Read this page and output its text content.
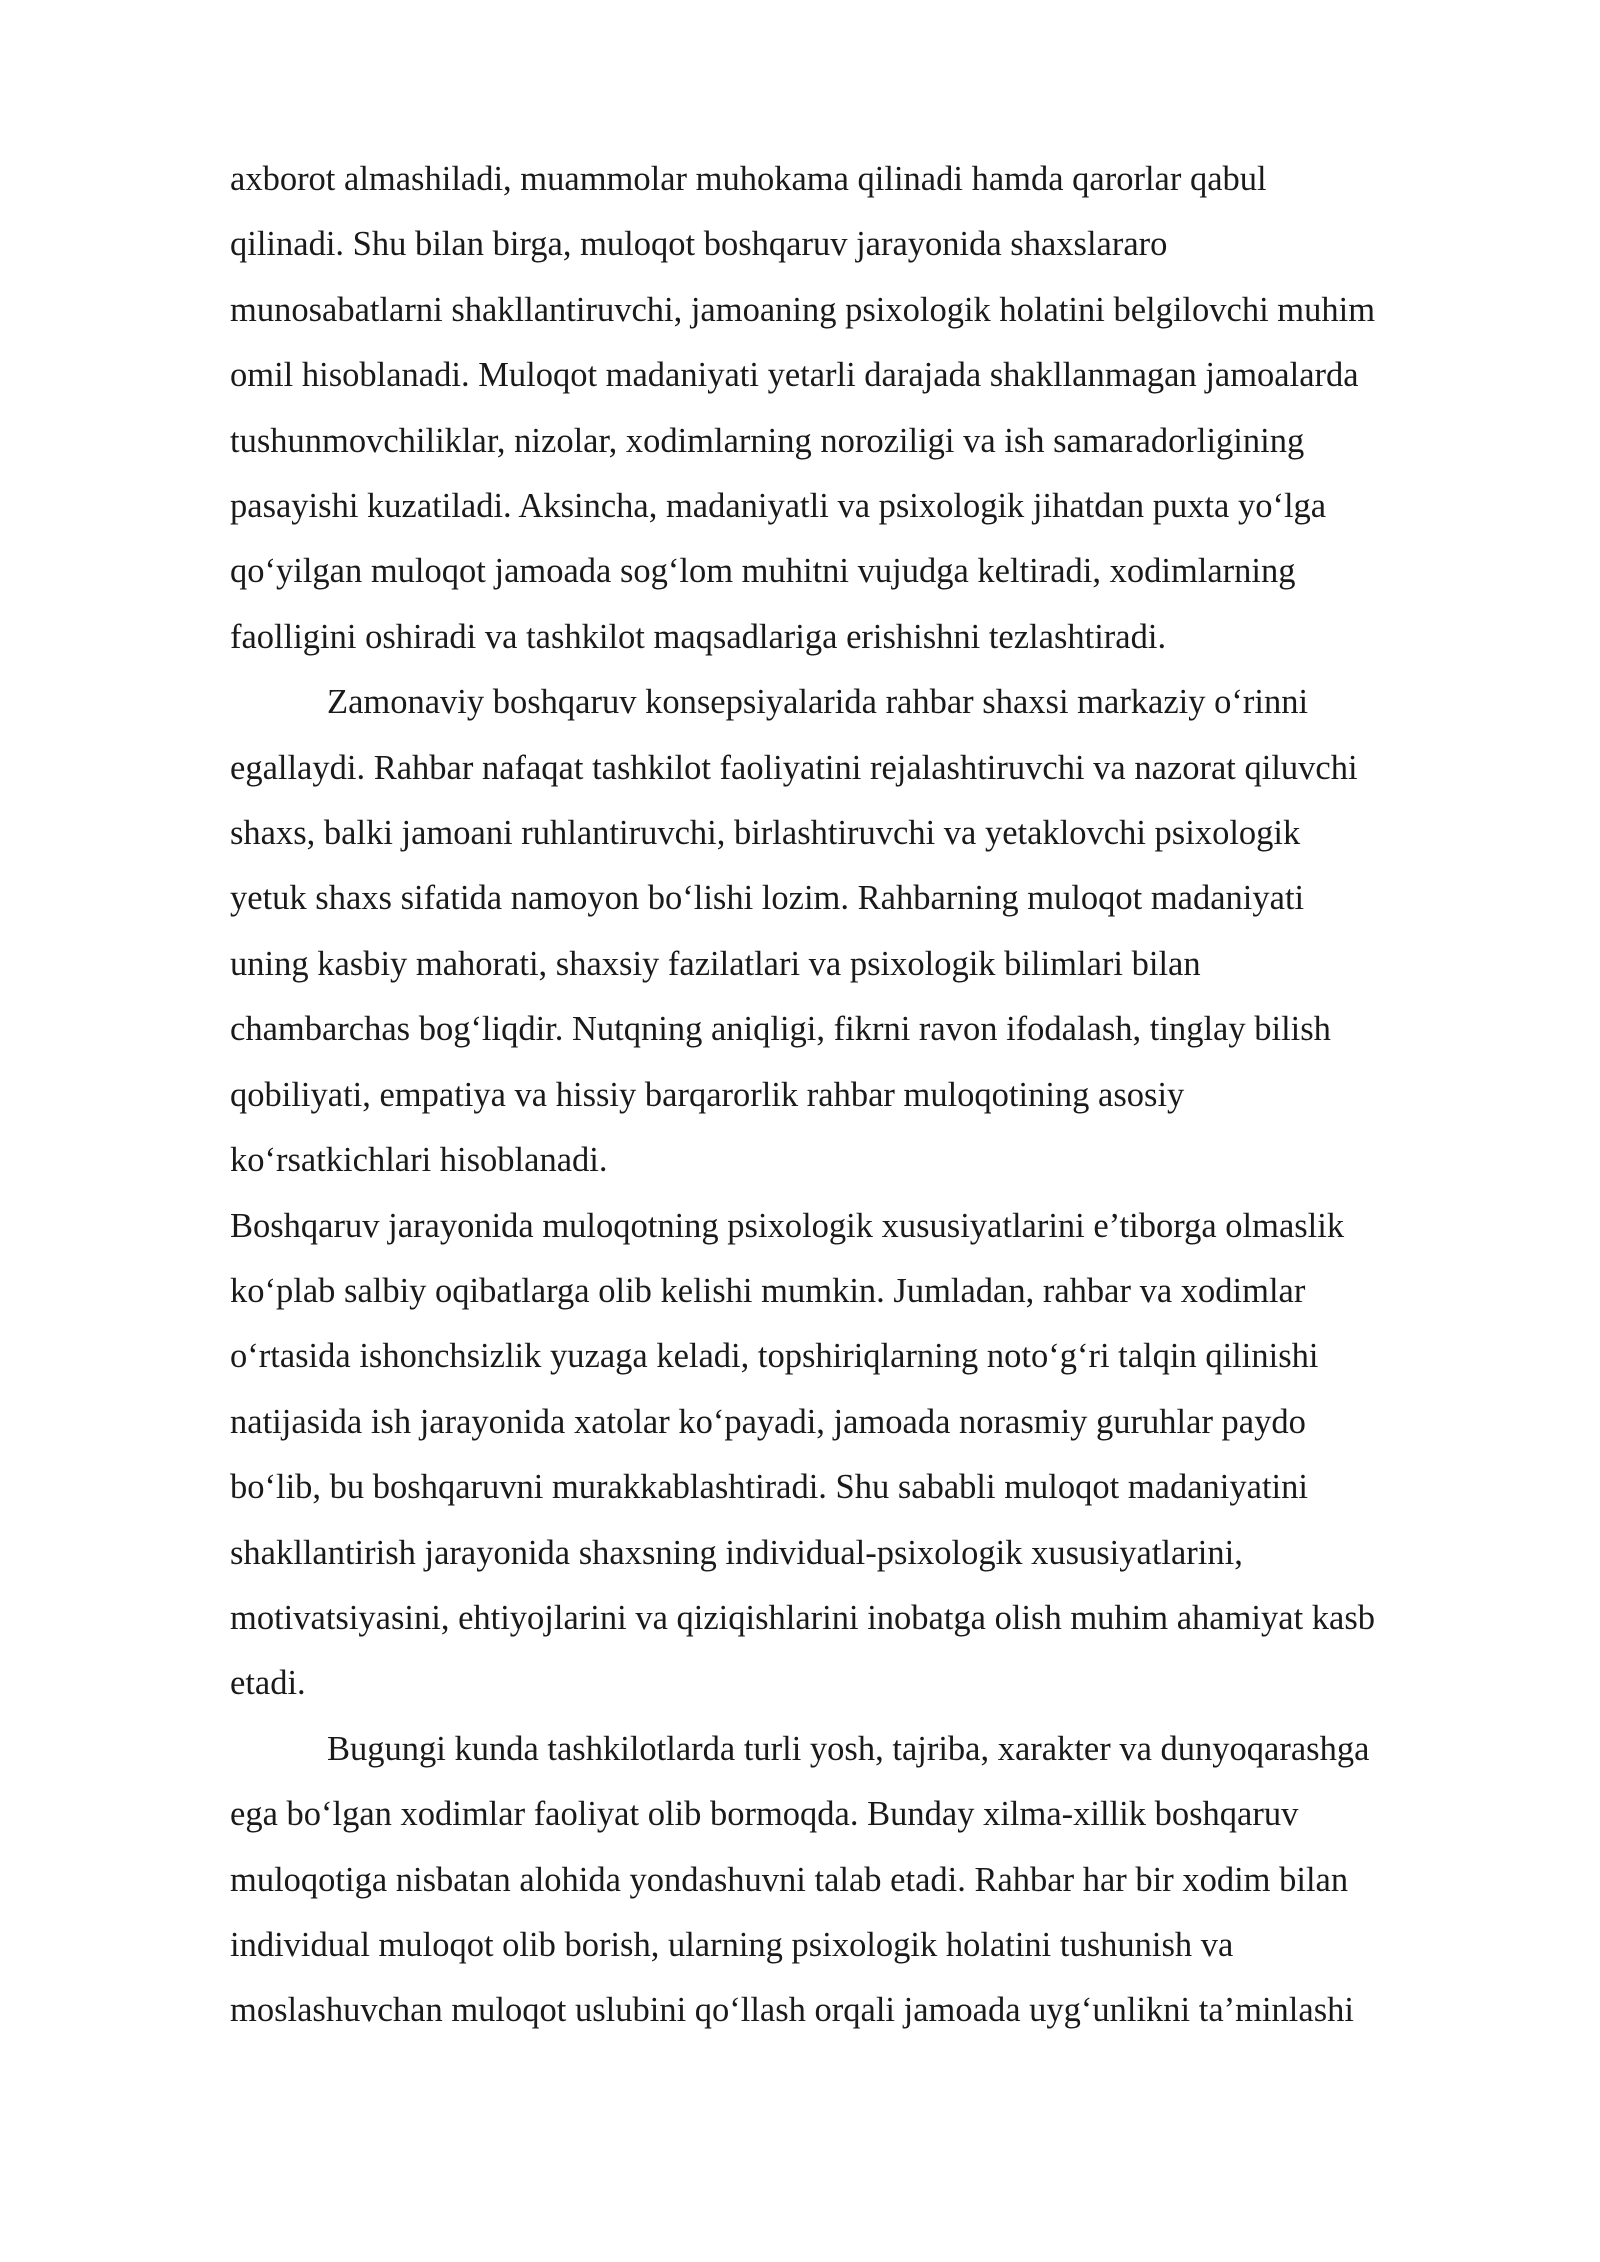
axborot almashiladi, muammolar muhokama qilinadi hamda qarorlar qabul
qilinadi. Shu bilan birga, muloqot boshqaruv jarayonida shaxslararo
munosabatlarni shakllantiruvchi, jamoaning psixologik holatini belgilovchi muhim
omil hisoblanadi. Muloqot madaniyati yetarli darajada shakllanmagan jamoalarda
tushunmovchiliklar, nizolar, xodimlarning noroziligi va ish samaradorligining
pasayishi kuzatiladi. Aksincha, madaniyatli va psixologik jihatdan puxta yoʻlga
qoʻyilgan muloqot jamoada sogʻlom muhitni vujudga keltiradi, xodimlarning
faolligini oshiradi va tashkilot maqsadlariga erishishni tezlashtiradi.
Zamonaviy boshqaruv konsepsiyalarida rahbar shaxsi markaziy oʻrinni
egallaydi. Rahbar nafaqat tashkilot faoliyatini rejalashtiruvchi va nazorat qiluvchi
shaxs, balki jamoani ruhlantiruvchi, birlashtiruvchi va yetaklovchi psixologik
yetuk shaxs sifatida namoyon boʻlishi lozim. Rahbarning muloqot madaniyati
uning kasbiy mahorati, shaxsiy fazilatlari va psixologik bilimlari bilan
chambarchas bogʻliqdir. Nutqning aniqligi, fikrni ravon ifodalash, tinglay bilish
qobiliyati, empatiya va hissiy barqarorlik rahbar muloqotining asosiy
koʻrsatkichlari hisoblanadi.
Boshqaruv jarayonida muloqotning psixologik xususiyatlarini e’tiborga olmaslik
koʻplab salbiy oqibatlarga olib kelishi mumkin. Jumladan, rahbar va xodimlar
oʻrtasida ishonchsizlik yuzaga keladi, topshiriqlarning notoʻgʻri talqin qilinishi
natijasida ish jarayonida xatolar koʻpayadi, jamoada norasmiy guruhlar paydo
boʻlib, bu boshqaruvni murakkablashtiradi. Shu sababli muloqot madaniyatini
shakllantirish jarayonida shaxsning individual-psixologik xususiyatlarini,
motivatsiyasini, ehtiyojlarini va qiziqishlarini inobatga olish muhim ahamiyat kasb
etadi.
Bugungi kunda tashkilotlarda turli yosh, tajriba, xarakter va dunyoqarashga
ega boʻlgan xodimlar faoliyat olib bormoqda. Bunday xilma-xillik boshqaruv
muloqotiga nisbatan alohida yondashuvni talab etadi. Rahbar har bir xodim bilan
individual muloqot olib borish, ularning psixologik holatini tushunish va
moslashuvchan muloqot uslubini qoʻllash orqali jamoada uygʻunlikni ta’minlashi
